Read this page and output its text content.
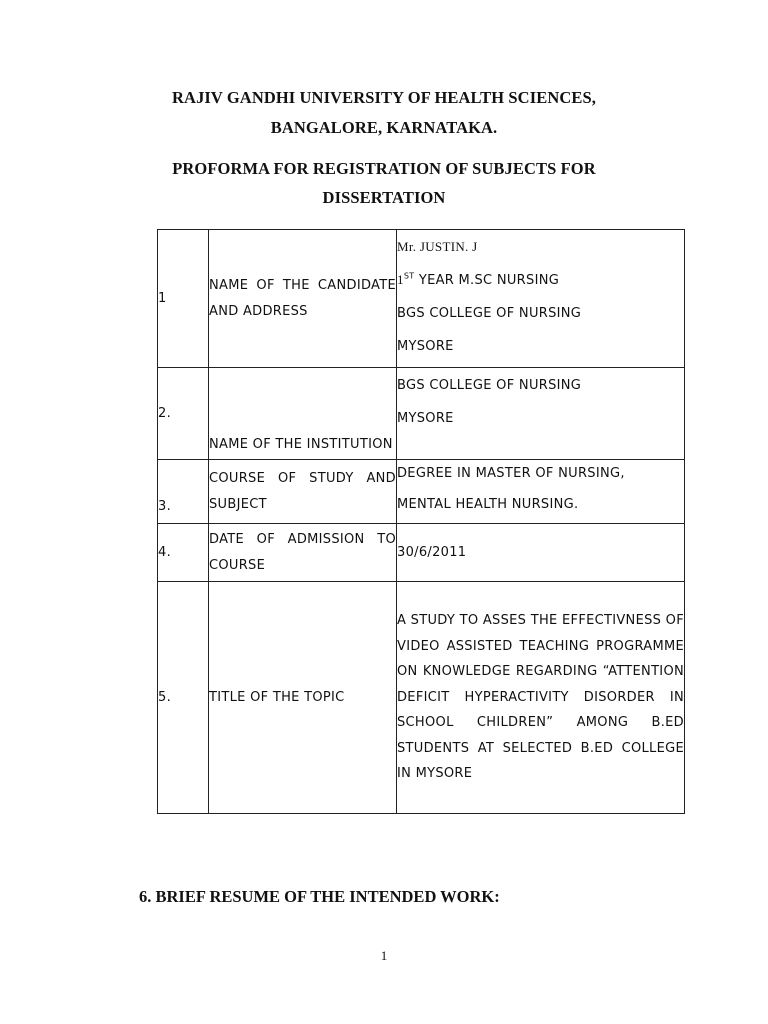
RAJIV GANDHI UNIVERSITY OF HEALTH SCIENCES,
BANGALORE, KARNATAKA.
PROFORMA FOR REGISTRATION OF SUBJECTS FOR
DISSERTATION
1	NAME OF THE CANDIDATE AND ADDRESS	Mr. JUSTIN. J
1ST YEAR M.SC NURSING
BGS COLLEGE OF NURSING
MYSORE

2.	NAME OF THE INSTITUTION	BGS COLLEGE OF NURSING
MYSORE

3.	COURSE OF STUDY AND SUBJECT	DEGREE IN MASTER OF NURSING,
MENTAL HEALTH NURSING.

4.	DATE OF ADMISSION TO COURSE	30/6/2011
5.	TITLE OF THE TOPIC	A STUDY TO ASSES THE EFFECTIVNESS OF VIDEO ASSISTED TEACHING PROGRAMME ON KNOWLEDGE REGARDING “ATTENTION DEFICIT HYPERACTIVITY DISORDER IN SCHOOL CHILDREN” AMONG B.ED STUDENTS AT SELECTED B.ED COLLEGE IN MYSORE
6. BRIEF RESUME OF THE INTENDED WORK:
1
